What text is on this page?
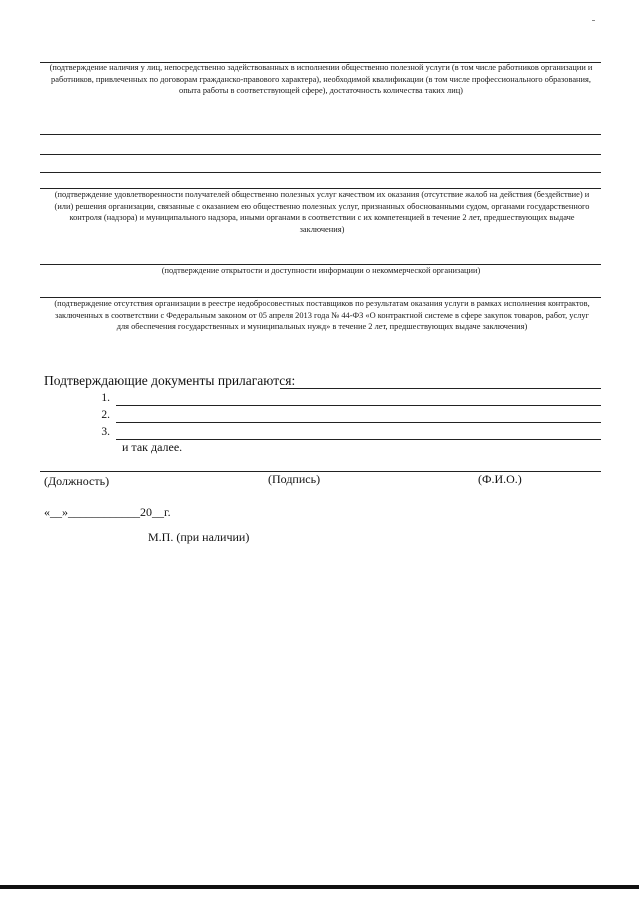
(подтверждение наличия у лиц, непосредственно задействованных в исполнении общественно полезной услуги (в том числе работников организации и работников, привлеченных по договорам гражданско-правового характера), необходимой квалификации (в том числе профессионального образования, опыта работы в соответствующей сфере), достаточность количества таких лиц)
(подтверждение удовлетворенности получателей общественно полезных услуг качеством их оказания (отсутствие жалоб на действия (бездействие) и (или) решения организации, связанные с оказанием ею общественно полезных услуг, признанных обоснованными судом, органами государственного контроля (надзора) и муниципального надзора, иными органами в соответствии с их компетенцией в течение 2 лет, предшествующих выдаче заключения)
(подтверждение открытости и доступности информации о некоммерческой организации)
(подтверждение отсутствия организации в реестре недобросовестных поставщиков по результатам оказания услуги в рамках исполнения контрактов, заключенных в соответствии с Федеральным законом от 05 апреля 2013 года № 44-ФЗ «О контрактной системе в сфере закупок товаров, работ, услуг для обеспечения государственных и муниципальных нужд» в течение 2 лет, предшествующих выдаче заключения)
Подтверждающие документы прилагаются:
1.
2.
3.
и так далее.
(Должность)	(Подпись)	(Ф.И.О.)
«__»____________20__г.
М.П. (при наличии)
